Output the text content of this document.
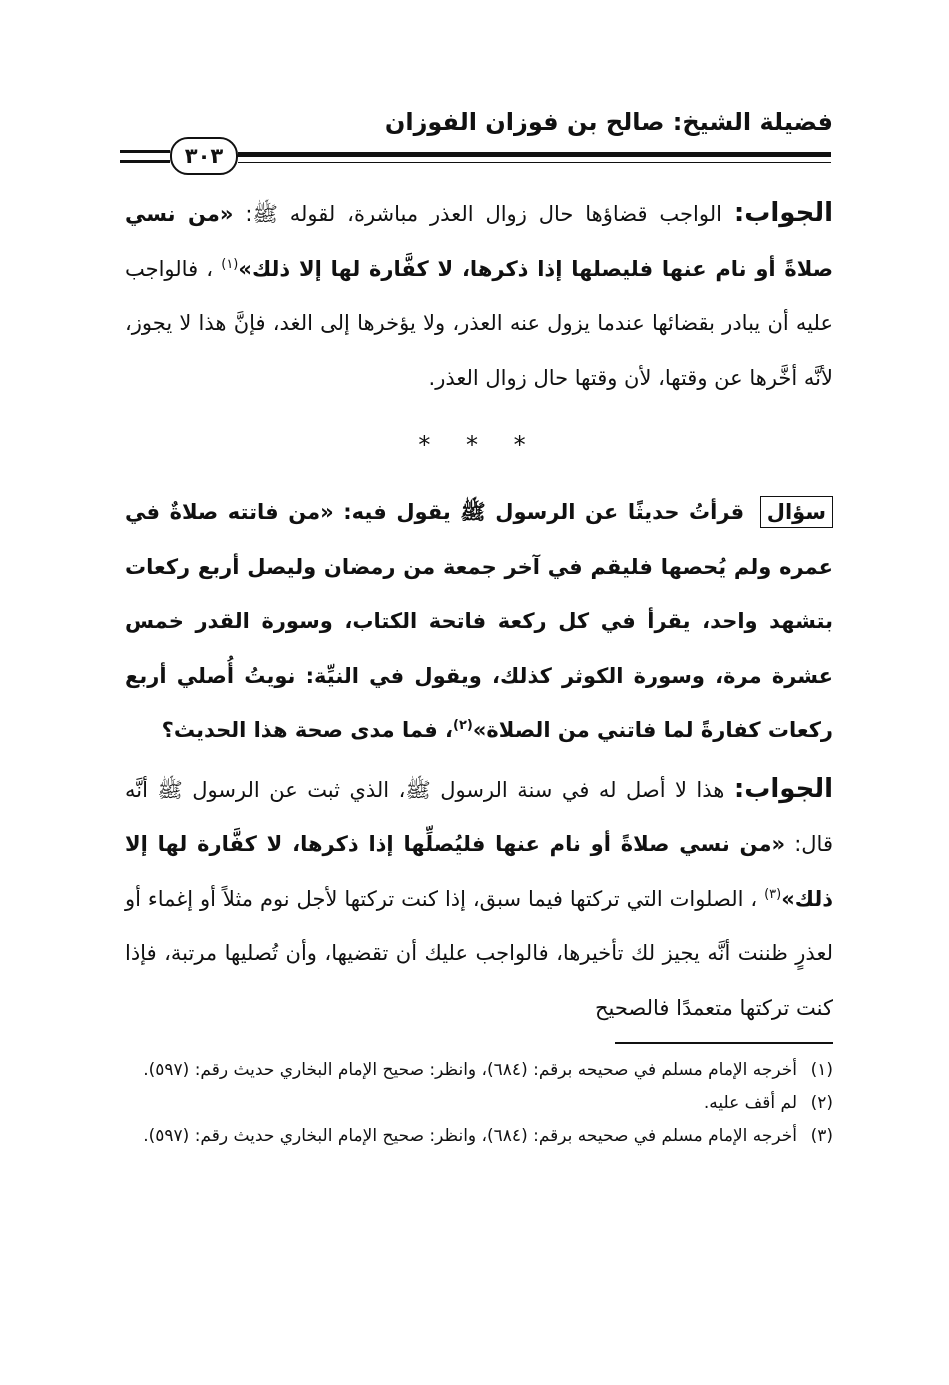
فضيلة الشيخ: صالح بن فوزان الفوزان
٣٠٣

الجواب: الواجب قضاؤها حال زوال العذر مباشرة، لقوله ﷺ: «من نسي صلاةً أو نام عنها فليصلها إذا ذكرها، لا كفَّارة لها إلا ذلك»$^{(١)}$ ، فالواجب عليه أن يبادر بقضائها عندما يزول عنه العذر، ولا يؤخرها إلى الغد، فإنَّ هذا لا يجوز، لأنَّه أخَّرها عن وقتها، لأن وقتها حال زوال العذر.

* * *

سؤال قرأتُ حديثًا عن الرسول ﷺ يقول فيه: «من فاتته صلاةٌ في عمره ولم يُحصها فليقم في آخر جمعة من رمضان وليصل أربع ركعات بتشهد واحد، يقرأ في كل ركعة فاتحة الكتاب، وسورة القدر خمس عشرة مرة، وسورة الكوثر كذلك، ويقول في النيِّة: نويتُ أُصلي أربع ركعات كفارةً لما فاتني من الصلاة»$^{(٢)}$، فما مدى صحة هذا الحديث؟

الجواب: هذا لا أصل له في سنة الرسول ﷺ، الذي ثبت عن الرسول ﷺ أنَّه قال: «من نسي صلاةً أو نام عنها فليُصلِّها إذا ذكرها، لا كفَّارة لها إلا ذلك»$^{(٣)}$ ، الصلوات التي تركتها فيما سبق، إذا كنت تركتها لأجل نوم مثلاً أو إغماء أو لعذرٍ ظننت أنَّه يجيز لك تأخيرها، فالواجب عليك أن تقضيها، وأن تُصليها مرتبة، فإذا كنت تركتها متعمدًا فالصحيح

(١)
أخرجه الإمام مسلم في صحيحه برقم: (٦٨٤)، وانظر: صحيح الإمام البخاري حديث رقم: (٥٩٧).

(٢)
لم أقف عليه.

(٣)
أخرجه الإمام مسلم في صحيحه برقم: (٦٨٤)، وانظر: صحيح الإمام البخاري حديث رقم: (٥٩٧).
